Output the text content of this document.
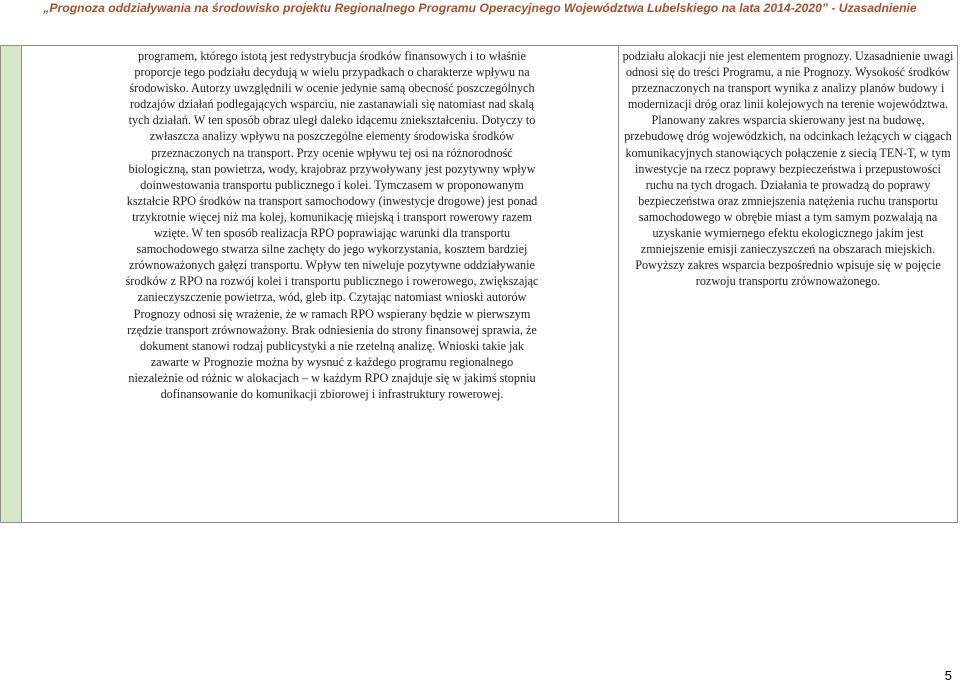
„Prognoza oddziaływania na środowisko projektu Regionalnego Programu Operacyjnego Województwa Lubelskiego na lata 2014-2020” - Uzasadnienie

programem, którego istotą jest redystrybucja środków finansowych i to właśnie proporcje tego podziału decydują w wielu przypadkach o charakterze wpływu na środowisko. Autorzy uwzględnili w ocenie jedynie samą obecność poszczególnych rodzajów działań podlegających wsparciu, nie zastanawiali się natomiast nad skalą tych działań. W ten sposób obraz uległ daleko idącemu zniekształceniu. Dotyczy to zwłaszcza analizy wpływu na poszczególne elementy środowiska środków przeznaczonych na transport. Przy ocenie wpływu tej osi na różnorodność biologiczną, stan powietrza, wody, krajobraz przywoływany jest pozytywny wpływ doinwestowania transportu publicznego i kolei. Tymczasem w proponowanym kształcie RPO środków na transport samochodowy (inwestycje drogowe) jest ponad trzykrotnie więcej niż ma kolej, komunikację miejską i transport rowerowy razem wzięte. W ten sposób realizacja RPO poprawiając warunki dla transportu samochodowego stwarza silne zachęty do jego wykorzystania, kosztem bardziej zrównoważonych gałęzi transportu. Wpływ ten niweluje pozytywne oddziaływanie środków z RPO na rozwój kolei i transportu publicznego i rowerowego, zwiększając zanieczyszczenie powietrza, wód, gleb itp. Czytając natomiast wnioski autorów Prognozy odnosi się wrażenie, że w ramach RPO wspierany będzie w pierwszym rzędzie transport zrównoważony. Brak odniesienia do strony finansowej sprawia, że dokument stanowi rodzaj publicystyki a nie rzetelną analizę. Wnioski takie jak zawarte w Prognozie można by wysnuć z każdego programu regionalnego niezależnie od różnic w alokacjach – w każdym RPO znajduje się w jakimś stopniu dofinansowanie do komunikacji zbiorowej i infrastruktury rowerowej.

podziału alokacji nie jest elementem prognozy. Uzasadnienie uwagi odnosi się do treści Programu, a nie Prognozy. Wysokość środków przeznaczonych na transport wynika z analizy planów budowy i modernizacji dróg oraz linii kolejowych na terenie województwa. Planowany zakres wsparcia skierowany jest na budowę, przebudowę dróg wojewódzkich, na odcinkach leżących w ciągach komunikacyjnych stanowiących połączenie z siecią TEN-T, w tym inwestycje na rzecz poprawy bezpieczeństwa i przepustowości ruchu na tych drogach. Działania te prowadzą do poprawy bezpieczeństwa oraz zmniejszenia natężenia ruchu transportu samochodowego w obrębie miast a tym samym pozwalają na uzyskanie wymiernego efektu ekologicznego jakim jest zmniejszenie emisji zanieczyszczeń na obszarach miejskich. Powyższy zakres wsparcia bezpośrednio wpisuje się w pojęcie rozwoju transportu zrównoważonego.

5
